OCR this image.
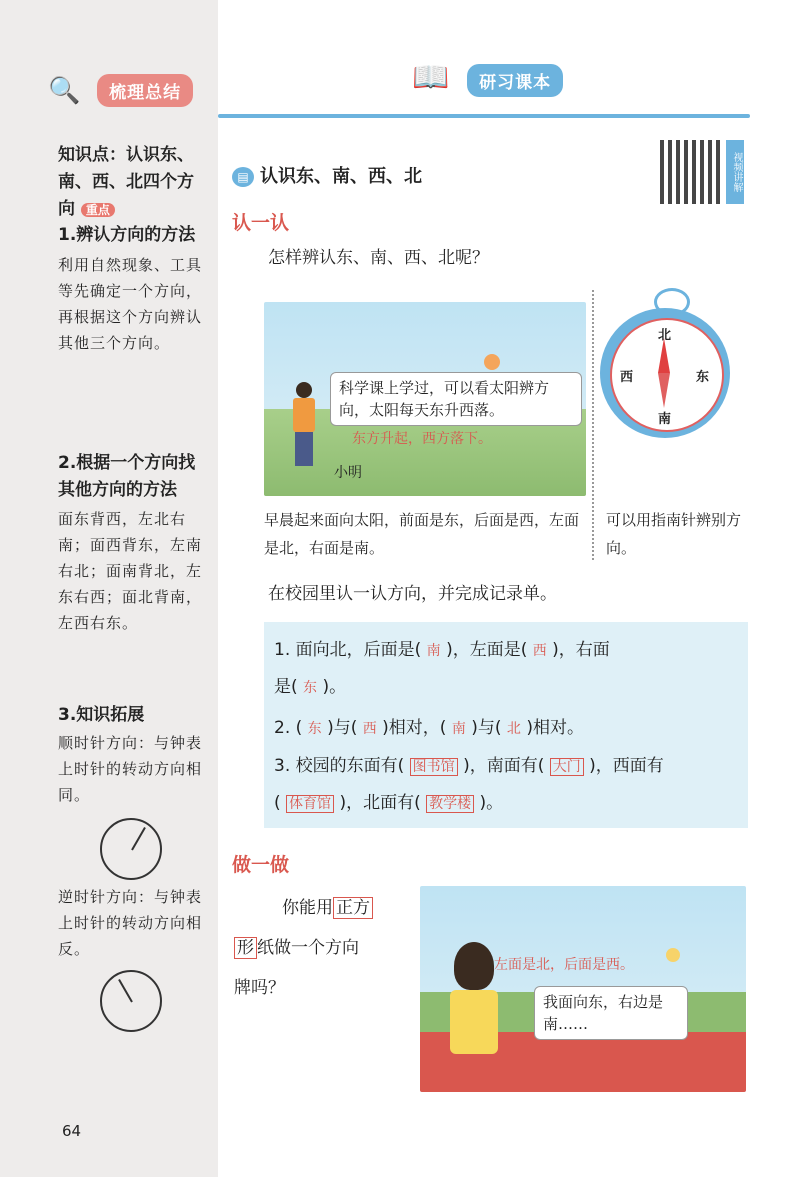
🔍 梳理总结	📖 研习课本
知识点：认识东、南、西、北四个方向 重点
1.辨认方向的方法
利用自然现象、工具等先确定一个方向，再根据这个方向辨认其他三个方向。
2.根据一个方向找其他方向的方法
面东背西，左北右南；面西背东，左南右北；面南背北，左东右西；面北背南，左西右东。
3.知识拓展
顺时针方向：与钟表上时针的转动方向相同。
逆时针方向：与钟表上时针的转动方向相反。
64
▤ 认识东、南、西、北	视频讲解
认一认
怎样辨认东、南、西、北呢？
科学课上学过，可以看太阳辨方向，太阳每天东升西落。
东方升起，西方落下。
小明
北
南
西	东
早晨起来面向太阳，前面是东，后面是西，左面是北，右面是南。
可以用指南针辨别方向。
在校园里认一认方向，并完成记录单。
1. 面向北，后面是( 南 )，左面是( 西 )，右面
是( 东 )。
2. ( 东 )与( 西 )相对，( 南 )与( 北 )相对。
3. 校园的东面有( 图书馆 )，南面有( 大门 )，西面有
( 体育馆 )，北面有( 教学楼 )。
做一做
你能用 正方
形 纸做一个方向
牌吗？
左面是北，后面是西。
我面向东，右边是南……
